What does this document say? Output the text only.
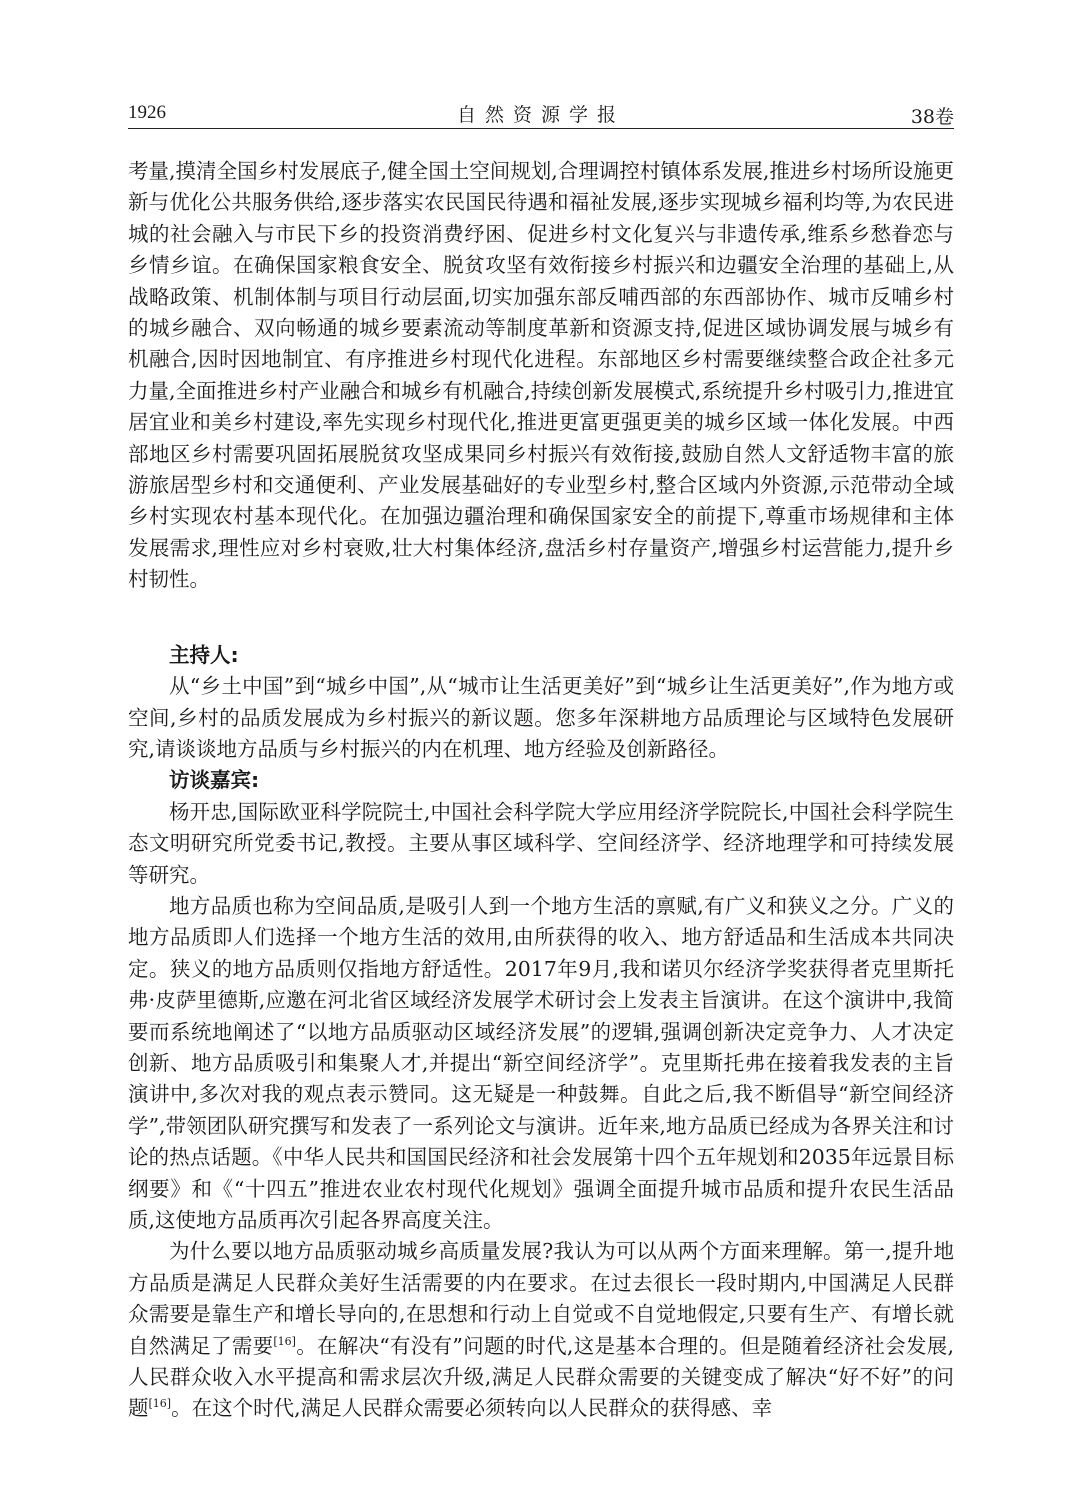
1926	自然资源学报	38卷

考量,摸清全国乡村发展底子,健全国土空间规划,合理调控村镇体系发展,推进乡村场所设施更新与优化公共服务供给,逐步落实农民国民待遇和福祉发展,逐步实现城乡福利均等,为农民进城的社会融入与市民下乡的投资消费纾困、促进乡村文化复兴与非遗传承,维系乡愁眷恋与乡情乡谊。在确保国家粮食安全、脱贫攻坚有效衔接乡村振兴和边疆安全治理的基础上,从战略政策、机制体制与项目行动层面,切实加强东部反哺西部的东西部协作、城市反哺乡村的城乡融合、双向畅通的城乡要素流动等制度革新和资源支持,促进区域协调发展与城乡有机融合,因时因地制宜、有序推进乡村现代化进程。东部地区乡村需要继续整合政企社多元力量,全面推进乡村产业融合和城乡有机融合,持续创新发展模式,系统提升乡村吸引力,推进宜居宜业和美乡村建设,率先实现乡村现代化,推进更富更强更美的城乡区域一体化发展。中西部地区乡村需要巩固拓展脱贫攻坚成果同乡村振兴有效衔接,鼓励自然人文舒适物丰富的旅游旅居型乡村和交通便利、产业发展基础好的专业型乡村,整合区域内外资源,示范带动全域乡村实现农村基本现代化。在加强边疆治理和确保国家安全的前提下,尊重市场规律和主体发展需求,理性应对乡村衰败,壮大村集体经济,盘活乡村存量资产,增强乡村运营能力,提升乡村韧性。

主持人:

从“乡土中国”到“城乡中国”,从“城市让生活更美好”到“城乡让生活更美好”,作为地方或空间,乡村的品质发展成为乡村振兴的新议题。您多年深耕地方品质理论与区域特色发展研究,请谈谈地方品质与乡村振兴的内在机理、地方经验及创新路径。

访谈嘉宾:

杨开忠,国际欧亚科学院院士,中国社会科学院大学应用经济学院院长,中国社会科学院生态文明研究所党委书记,教授。主要从事区域科学、空间经济学、经济地理学和可持续发展等研究。

地方品质也称为空间品质,是吸引人到一个地方生活的禀赋,有广义和狭义之分。广义的地方品质即人们选择一个地方生活的效用,由所获得的收入、地方舒适品和生活成本共同决定。狭义的地方品质则仅指地方舒适性。2017年9月,我和诺贝尔经济学奖获得者克里斯托弗·皮萨里德斯,应邀在河北省区域经济发展学术研讨会上发表主旨演讲。在这个演讲中,我简要而系统地阐述了“以地方品质驱动区域经济发展”的逻辑,强调创新决定竞争力、人才决定创新、地方品质吸引和集聚人才,并提出“新空间经济学”。克里斯托弗在接着我发表的主旨演讲中,多次对我的观点表示赞同。这无疑是一种鼓舞。自此之后,我不断倡导“新空间经济学”,带领团队研究撰写和发表了一系列论文与演讲。近年来,地方品质已经成为各界关注和讨论的热点话题。《中华人民共和国国民经济和社会发展第十四个五年规划和2035年远景目标纲要》和《“十四五”推进农业农村现代化规划》强调全面提升城市品质和提升农民生活品质,这使地方品质再次引起各界高度关注。

为什么要以地方品质驱动城乡高质量发展?我认为可以从两个方面来理解。第一,提升地方品质是满足人民群众美好生活需要的内在要求。在过去很长一段时期内,中国满足人民群众需要是靠生产和增长导向的,在思想和行动上自觉或不自觉地假定,只要有生产、有增长就自然满足了需要[16]。在解决“有没有”问题的时代,这是基本合理的。但是随着经济社会发展,人民群众收入水平提高和需求层次升级,满足人民群众需要的关键变成了解决“好不好”的问题[16]。在这个时代,满足人民群众需要必须转向以人民群众的获得感、幸
